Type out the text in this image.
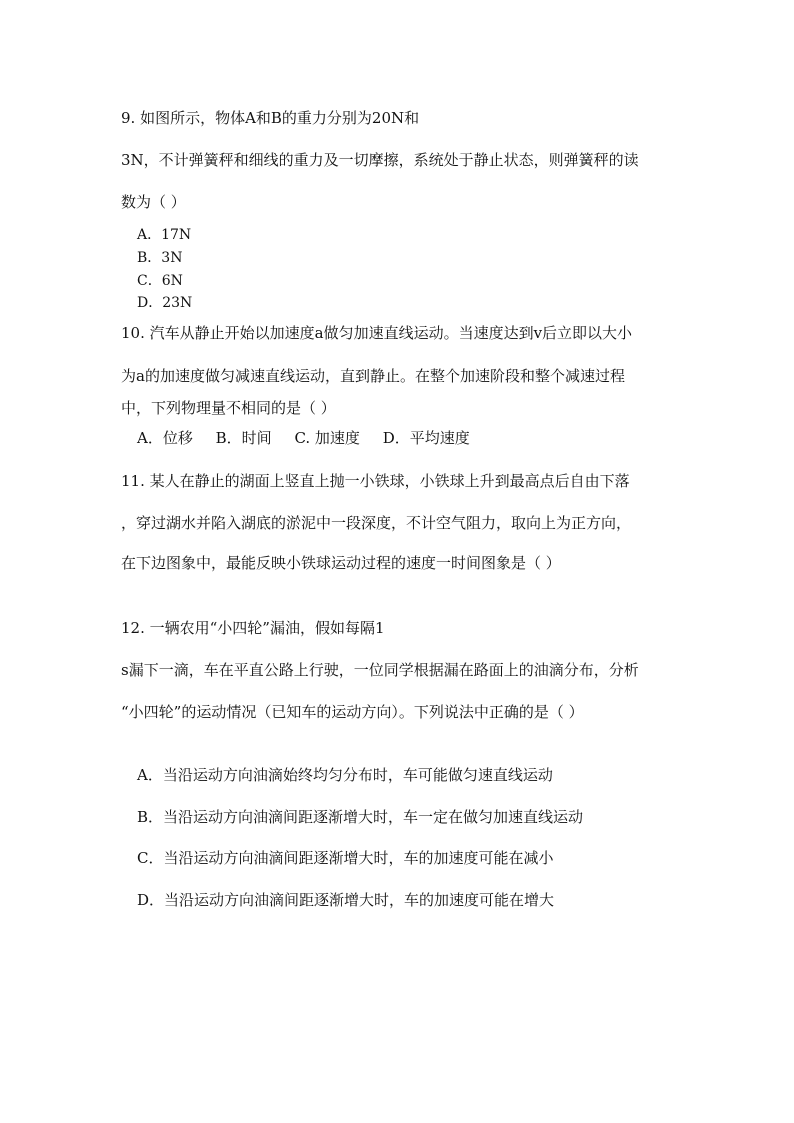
9. 如图所示，物体A和B的重力分别为20N和
3N，不计弹簧秤和细线的重力及一切摩擦，系统处于静止状态，则弹簧秤的读
数为（ ）
A．17N
B．3N
C．6N
D．23N
10. 汽车从静止开始以加速度a做匀加速直线运动。当速度达到v后立即以大小
为a的加速度做匀减速直线运动，直到静止。在整个加速阶段和整个减速过程
中，下列物理量不相同的是（ ）
A．位移 B．时间 C. 加速度 D．平均速度
11. 某人在静止的湖面上竖直上抛一小铁球，小铁球上升到最高点后自由下落
，穿过湖水并陷入湖底的淤泥中一段深度，不计空气阻力，取向上为正方向，
在下边图象中，最能反映小铁球运动过程的速度一时间图象是（ ）
12. 一辆农用“小四轮”漏油，假如每隔1
s漏下一滴，车在平直公路上行驶，一位同学根据漏在路面上的油滴分布，分析
“小四轮”的运动情况（已知车的运动方向）。下列说法中正确的是（ ）
A．当沿运动方向油滴始终均匀分布时，车可能做匀速直线运动
B．当沿运动方向油滴间距逐渐增大时，车一定在做匀加速直线运动
C．当沿运动方向油滴间距逐渐增大时，车的加速度可能在减小
D．当沿运动方向油滴间距逐渐增大时，车的加速度可能在增大
